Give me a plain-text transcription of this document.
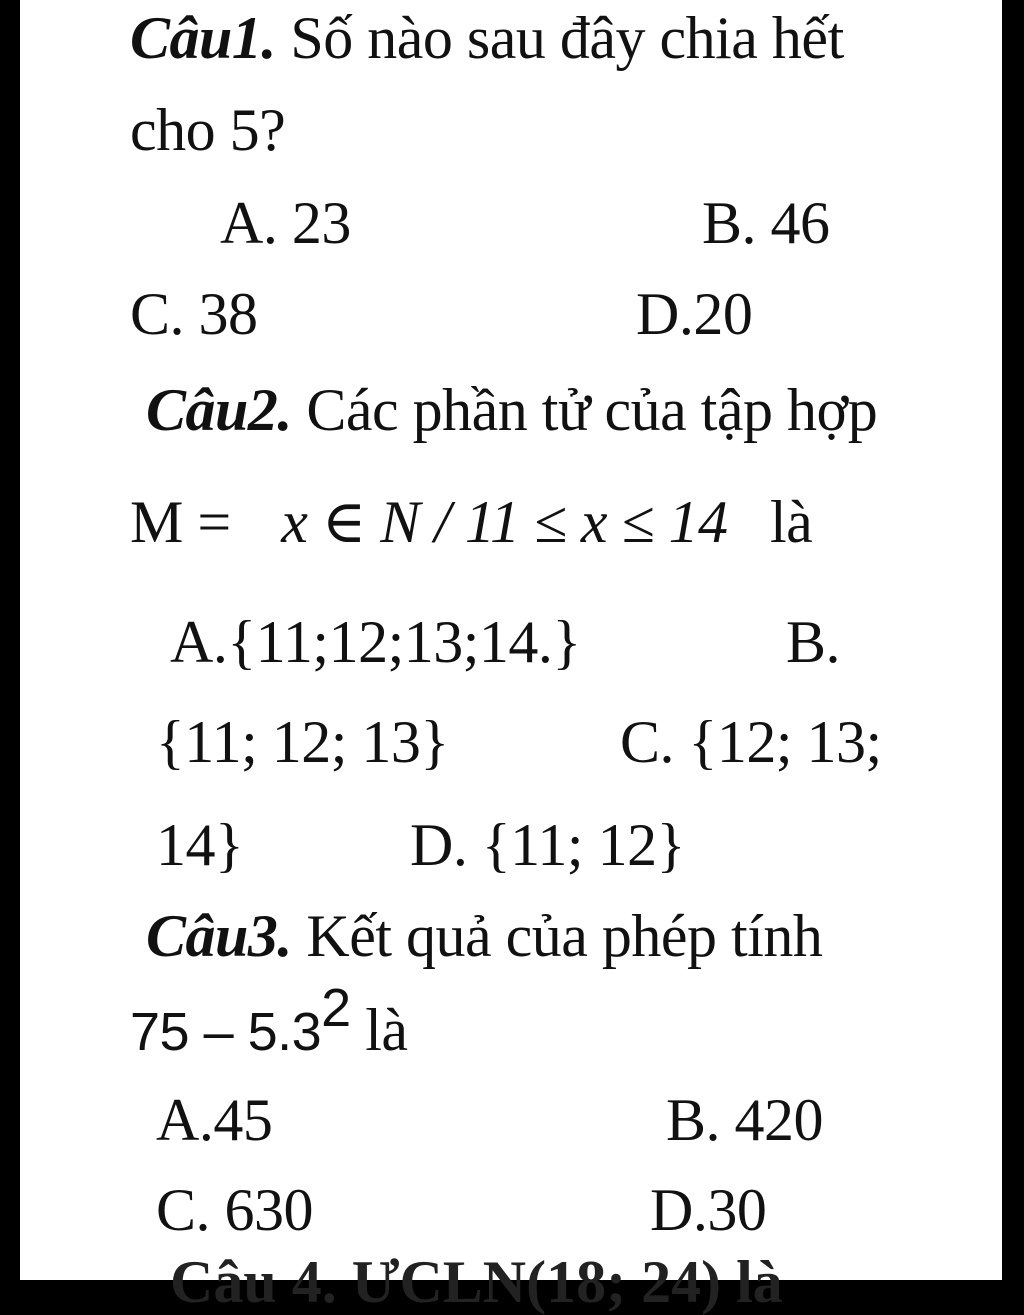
Câu1. Số nào sau đây chia hết
cho 5?
A. 23	B. 46
C. 38	D.20
Câu2. Các phần tử của tập hợp
M = x ∈ N / 11 ≤ x ≤ 14 là
A.{11;12;13;14.}	B.
{11; 12; 13}	C. {12; 13;
14}	D. {11; 12}
Câu3. Kết quả của phép tính
$75 - 5.3^2$ là
A.45	B. 420
C. 630	D.30
Câu 4. ƯCLN(18; 24) là
